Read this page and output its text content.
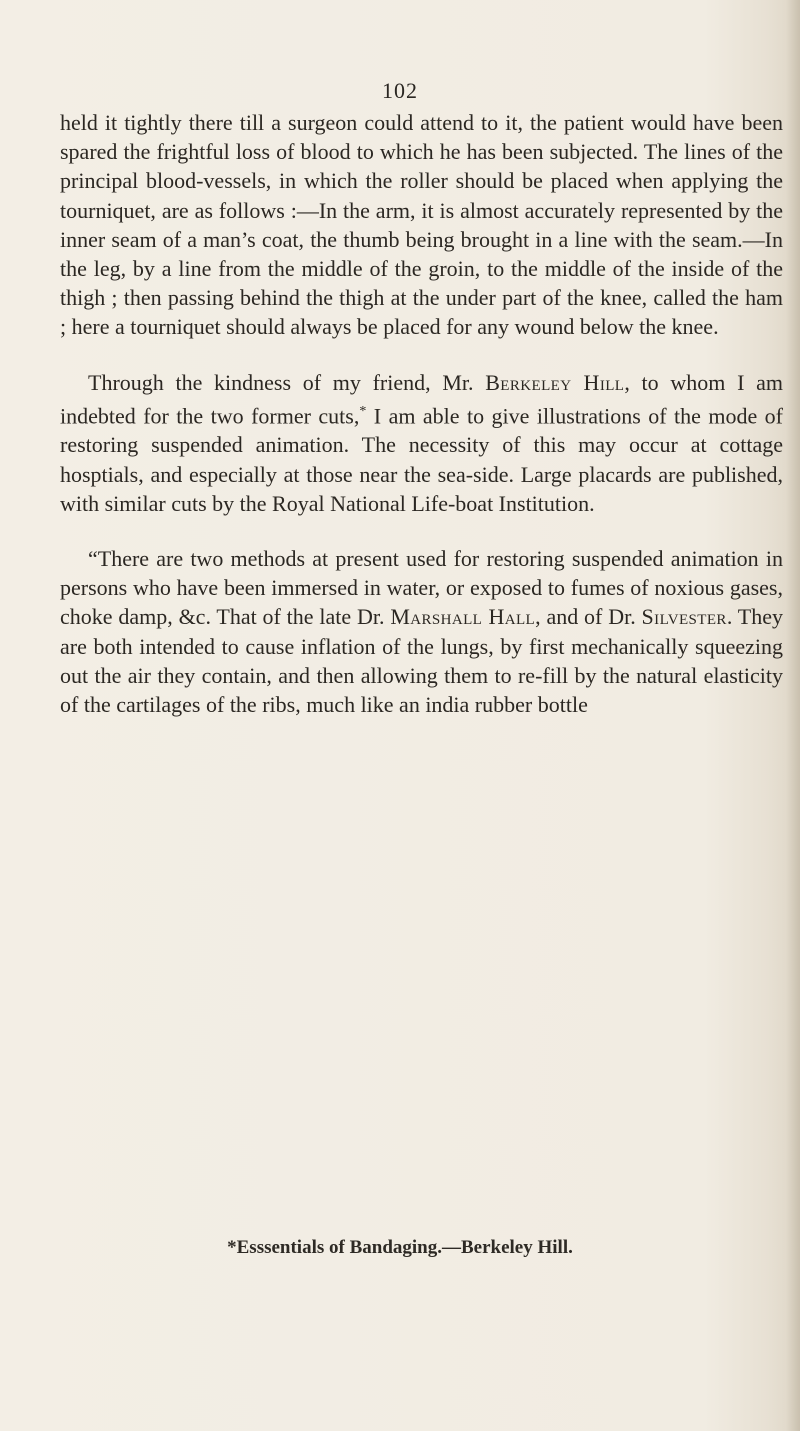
102

held it tightly there till a surgeon could attend to it, the patient would have been spared the frightful loss of blood to which he has been subjected. The lines of the principal blood-vessels, in which the roller should be placed when applying the tourniquet, are as follows :—In the arm, it is almost accurately represented by the inner seam of a man’s coat, the thumb being brought in a line with the seam.—In the leg, by a line from the middle of the groin, to the middle of the inside of the thigh ; then passing behind the thigh at the under part of the knee, called the ham ; here a tourniquet should always be placed for any wound below the knee.

Through the kindness of my friend, Mr. Berkeley Hill, to whom I am indebted for the two former cuts,* I am able to give illustrations of the mode of restoring suspended animation. The necessity of this may occur at cottage hosptials, and especially at those near the sea-side. Large placards are published, with similar cuts by the Royal National Life-boat Institution.

“There are two methods at present used for restoring suspended animation in persons who have been immersed in water, or exposed to fumes of noxious gases, choke damp, &c. That of the late Dr. Marshall Hall, and of Dr. Silvester. They are both intended to cause inflation of the lungs, by first mechanically squeezing out the air they contain, and then allowing them to re-fill by the natural elasticity of the cartilages of the ribs, much like an india rubber bottle

*Esssentials of Bandaging.—Berkeley Hill.
